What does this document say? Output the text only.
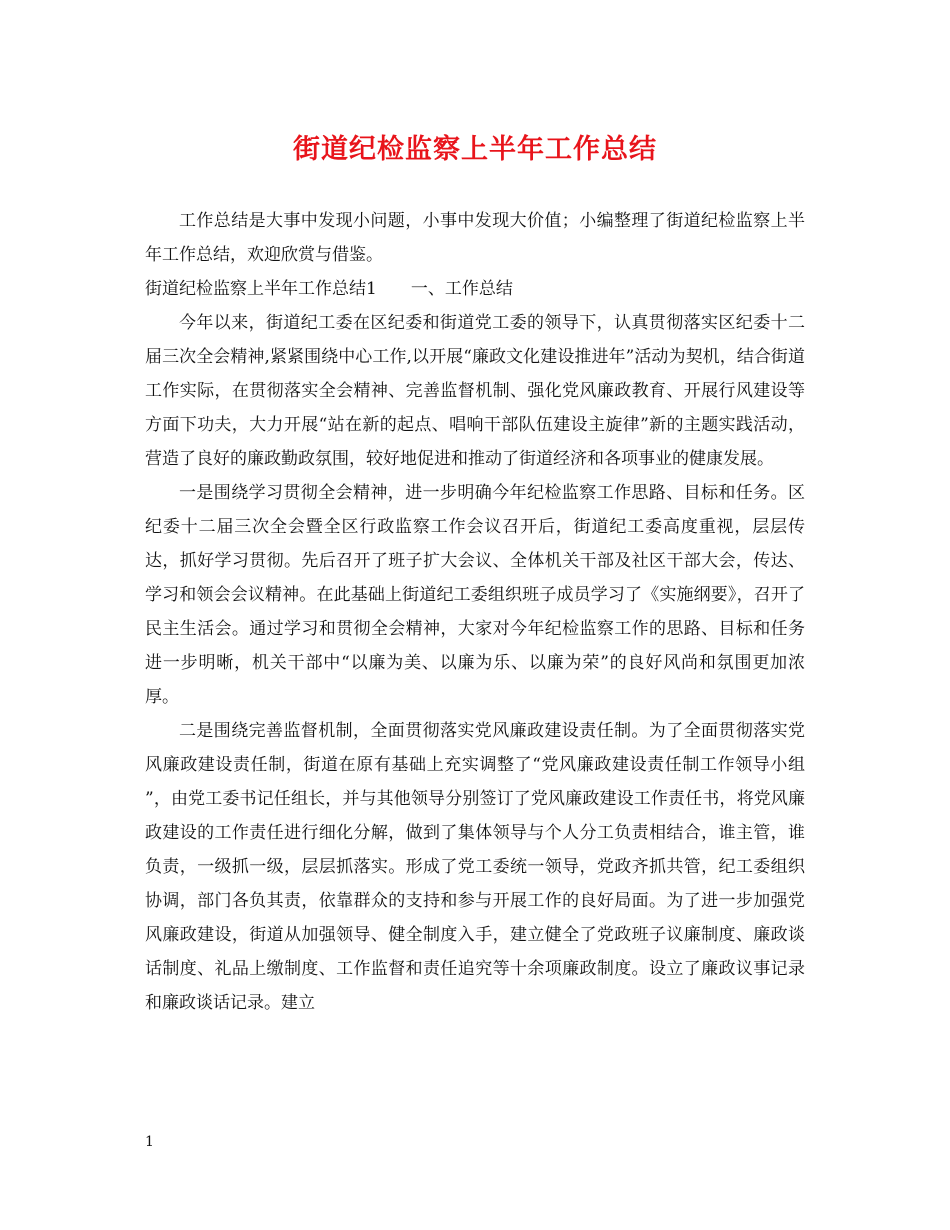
街道纪检监察上半年工作总结

工作总结是大事中发现小问题，小事中发现大价值；小编整理了街道纪检监察上半年工作总结，欢迎欣赏与借鉴。

街道纪检监察上半年工作总结1　　一、工作总结

今年以来，街道纪工委在区纪委和街道党工委的领导下，认真贯彻落实区纪委十二届三次全会精神,紧紧围绕中心工作,以开展“廉政文化建设推进年”活动为契机，结合街道工作实际，在贯彻落实全会精神、完善监督机制、强化党风廉政教育、开展行风建设等方面下功夫，大力开展“站在新的起点、唱响干部队伍建设主旋律”新的主题实践活动，营造了良好的廉政勤政氛围，较好地促进和推动了街道经济和各项事业的健康发展。

一是围绕学习贯彻全会精神，进一步明确今年纪检监察工作思路、目标和任务。区纪委十二届三次全会暨全区行政监察工作会议召开后，街道纪工委高度重视，层层传达，抓好学习贯彻。先后召开了班子扩大会议、全体机关干部及社区干部大会，传达、学习和领会会议精神。在此基础上街道纪工委组织班子成员学习了《实施纲要》，召开了民主生活会。通过学习和贯彻全会精神，大家对今年纪检监察工作的思路、目标和任务进一步明晰，机关干部中“以廉为美、以廉为乐、以廉为荣”的良好风尚和氛围更加浓厚。

二是围绕完善监督机制，全面贯彻落实党风廉政建设责任制。为了全面贯彻落实党风廉政建设责任制，街道在原有基础上充实调整了“党风廉政建设责任制工作领导小组 ”，由党工委书记任组长，并与其他领导分别签订了党风廉政建设工作责任书，将党风廉政建设的工作责任进行细化分解，做到了集体领导与个人分工负责相结合，谁主管，谁负责，一级抓一级，层层抓落实。形成了党工委统一领导，党政齐抓共管，纪工委组织协调，部门各负其责，依靠群众的支持和参与开展工作的良好局面。为了进一步加强党风廉政建设，街道从加强领导、健全制度入手，建立健全了党政班子议廉制度、廉政谈话制度、礼品上缴制度、工作监督和责任追究等十余项廉政制度。设立了廉政议事记录和廉政谈话记录。建立

1
